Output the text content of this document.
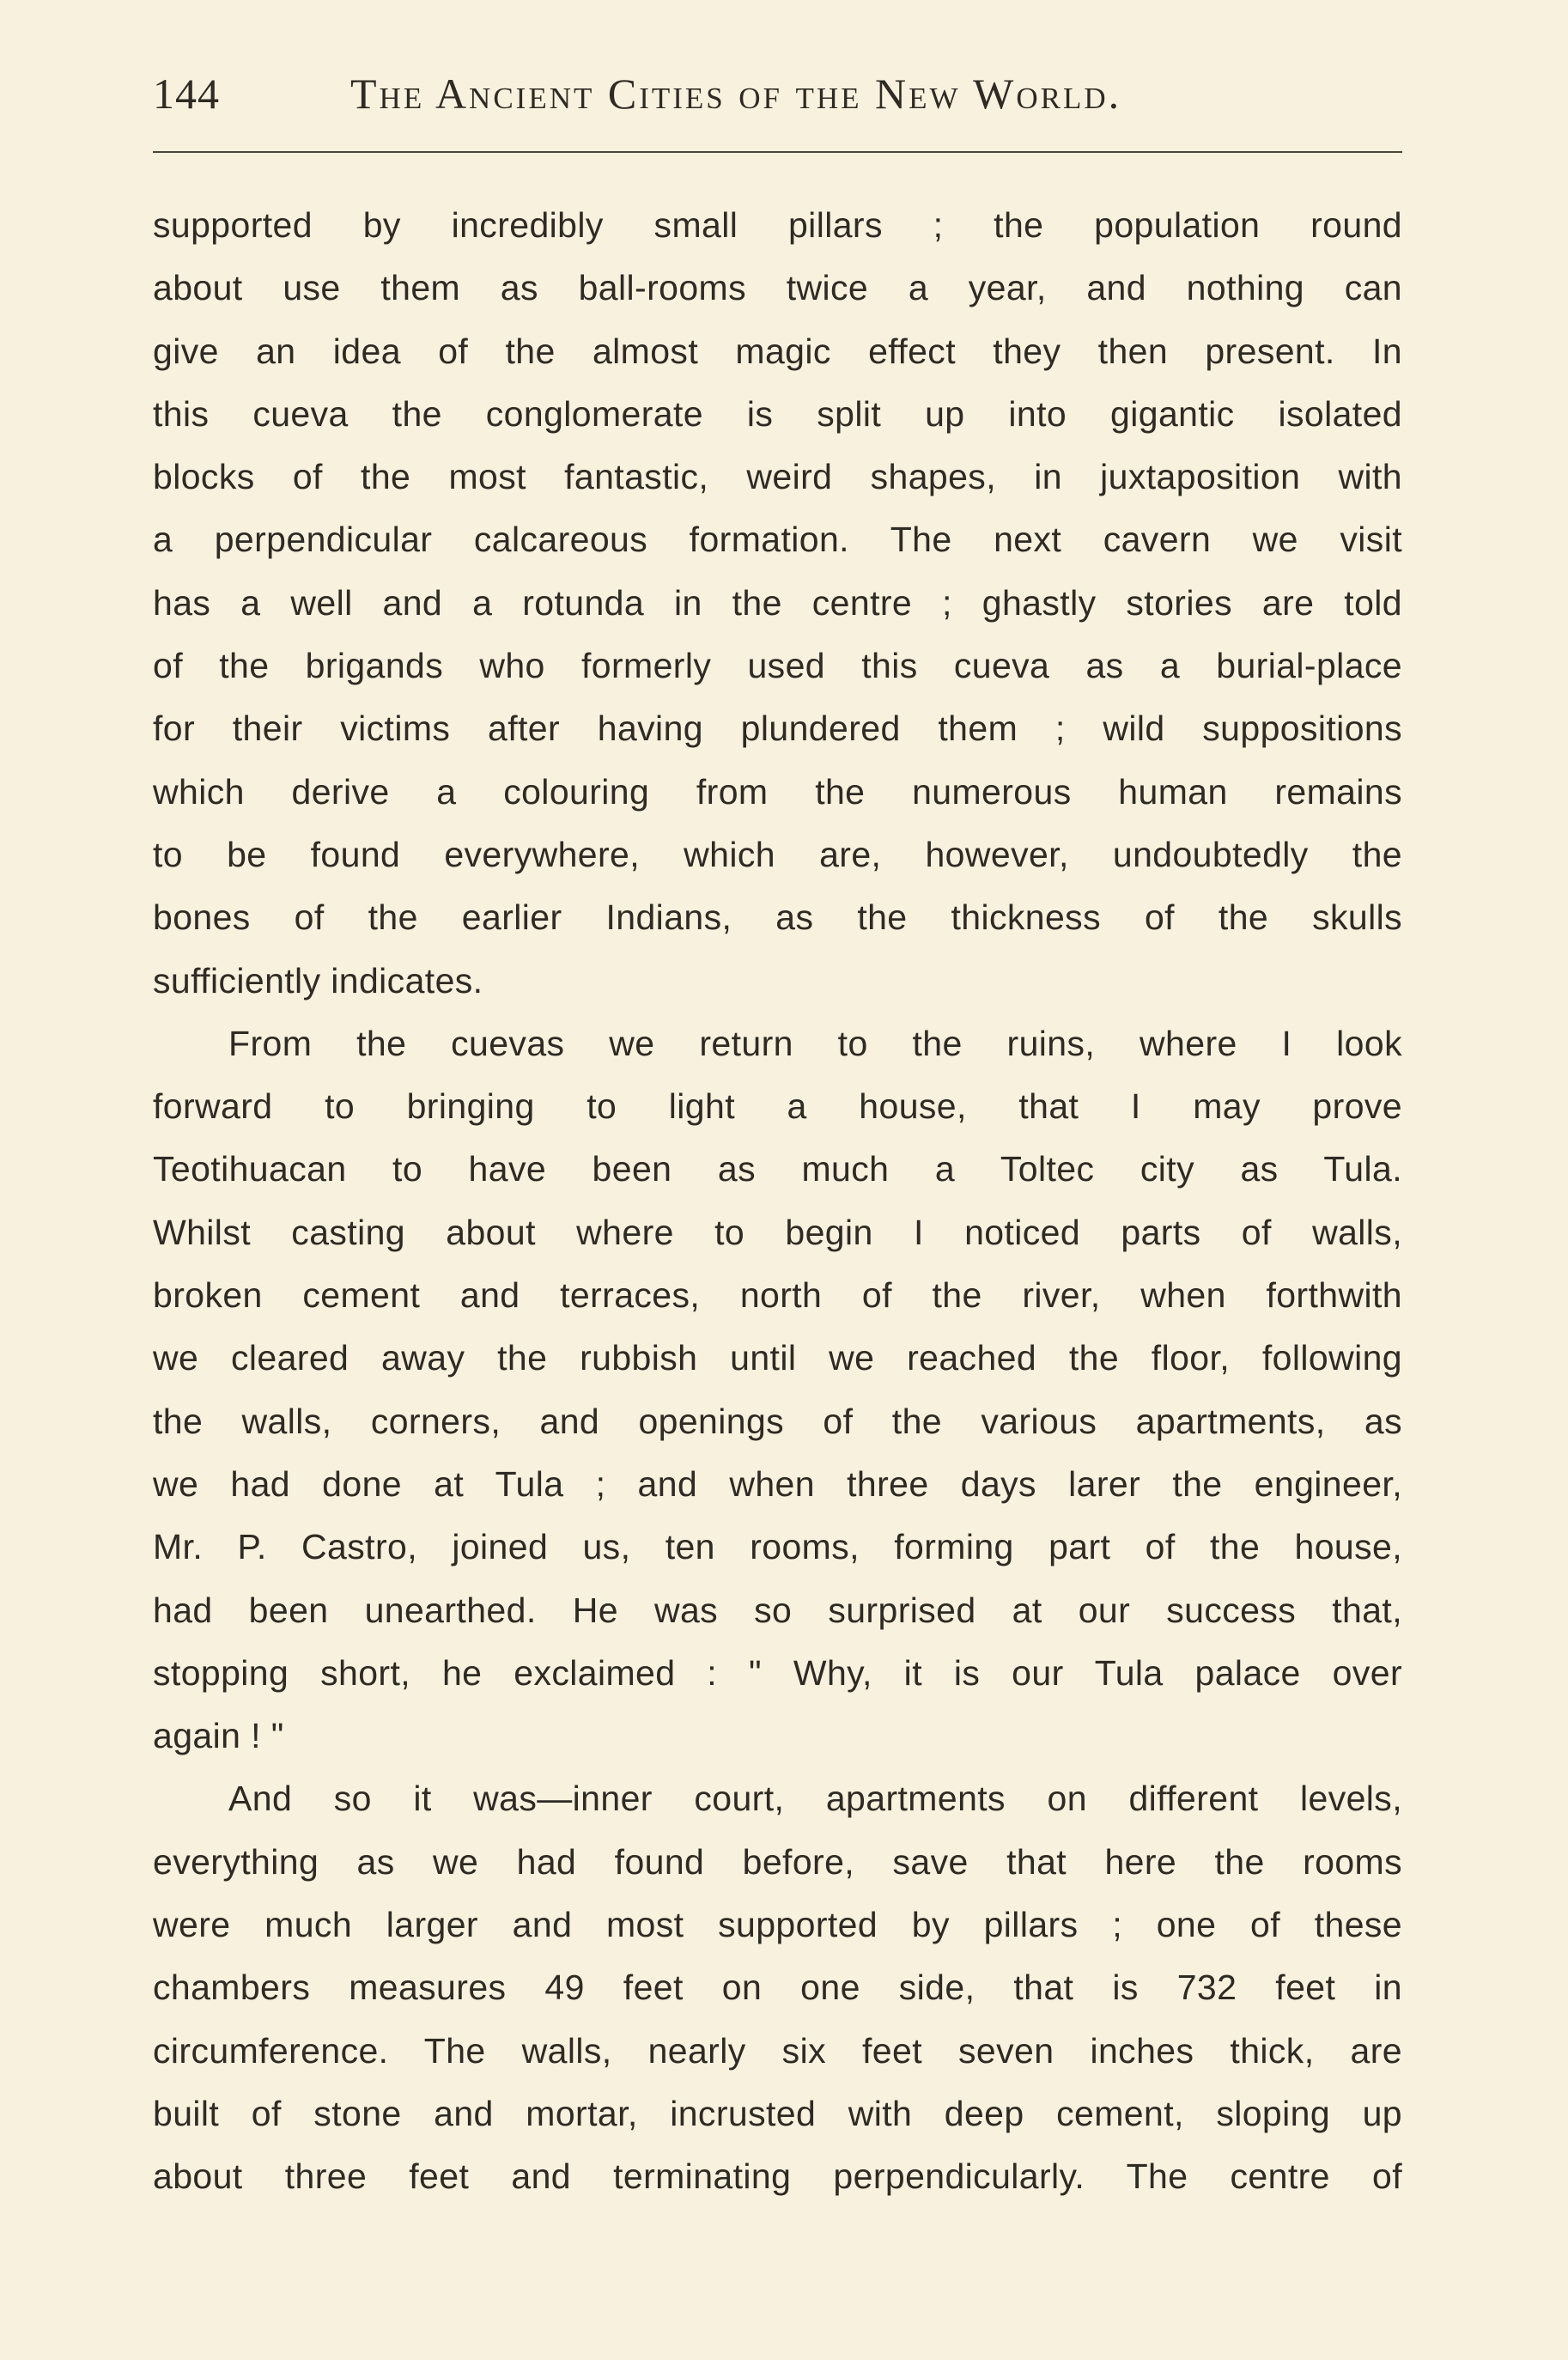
144	The Ancient Cities of the New World.
supported by incredibly small pillars ; the population round
about use them as ball-rooms twice a year, and nothing can
give an idea of the almost magic effect they then present. In
this cueva the conglomerate is split up into gigantic isolated
blocks of the most fantastic, weird shapes, in juxtaposition with
a perpendicular calcareous formation. The next cavern we visit
has a well and a rotunda in the centre ; ghastly stories are told
of the brigands who formerly used this cueva as a burial-place
for their victims after having plundered them ; wild suppositions
which derive a colouring from the numerous human remains
to be found everywhere, which are, however, undoubtedly the
bones of the earlier Indians, as the thickness of the skulls
sufficiently indicates.
From the cuevas we return to the ruins, where I look
forward to bringing to light a house, that I may prove
Teotihuacan to have been as much a Toltec city as Tula.
Whilst casting about where to begin I noticed parts of walls,
broken cement and terraces, north of the river, when forthwith
we cleared away the rubbish until we reached the floor, following
the walls, corners, and openings of the various apartments, as
we had done at Tula ; and when three days larer the engineer,
Mr. P. Castro, joined us, ten rooms, forming part of the house,
had been unearthed. He was so surprised at our success that,
stopping short, he exclaimed : " Why, it is our Tula palace over
again ! "
And so it was—inner court, apartments on different levels,
everything as we had found before, save that here the rooms
were much larger and most supported by pillars ; one of these
chambers measures 49 feet on one side, that is 732 feet in
circumference. The walls, nearly six feet seven inches thick, are
built of stone and mortar, incrusted with deep cement, sloping up
about three feet and terminating perpendicularly. The centre of
